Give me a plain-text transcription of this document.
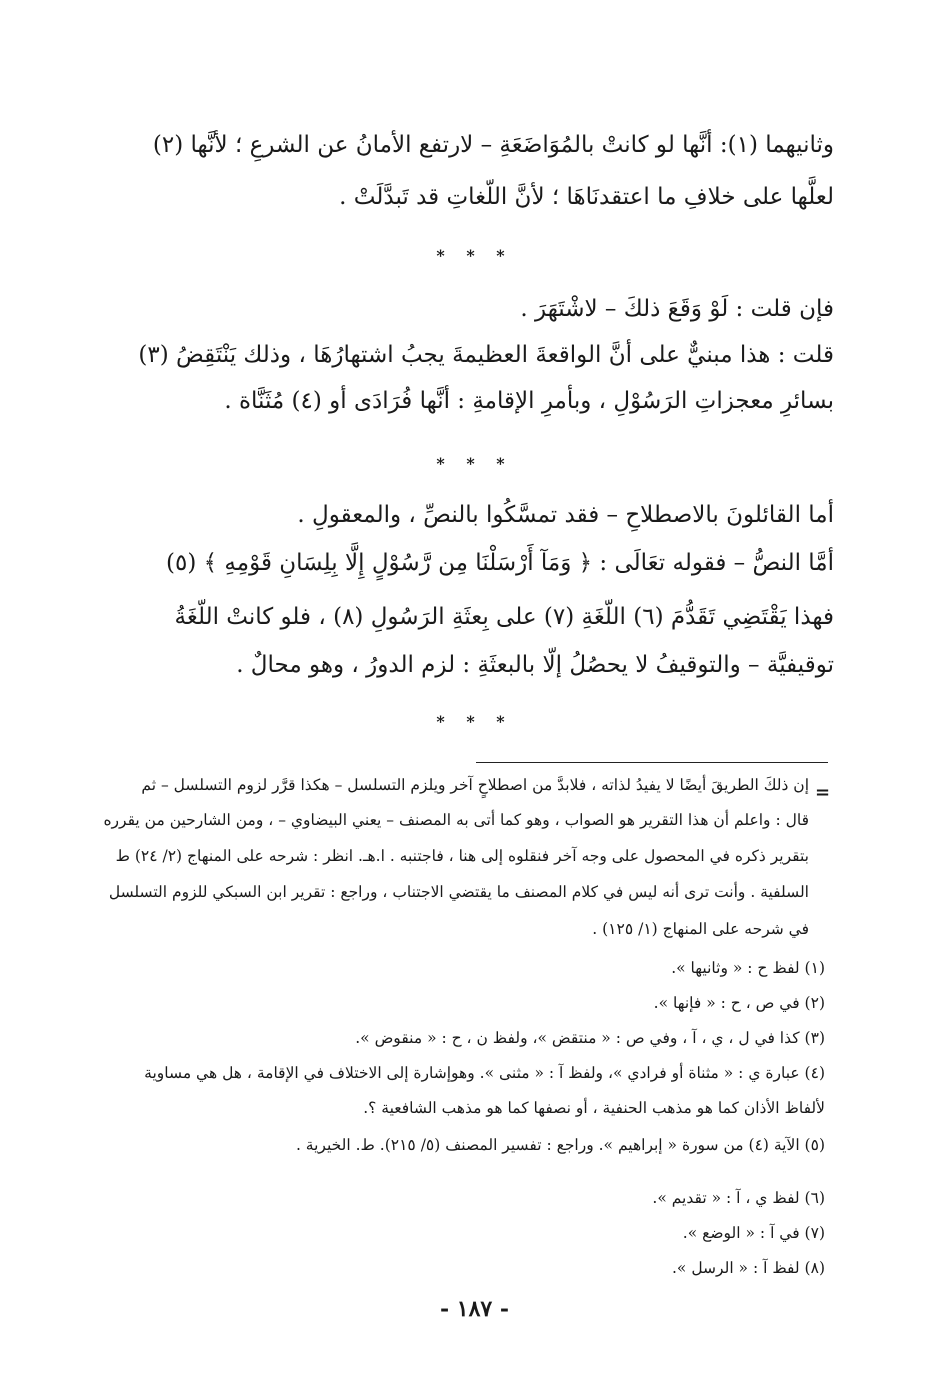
وثانيهما (١): أنَّها لو كانتْ بالمُوَاضَعَةِ – لارتفع الأمانُ عن الشرعِ ؛ لأنَّها (٢)
لعلَّها على خلافِ ما اعتقدنَاهَا ؛ لأنَّ اللّغاتِ قد تَبدَّلَتْ .
* * *
فإن قلت : لَوْ وَقَعَ ذلكَ – لاشْتَهَرَ .
قلت : هذا مبنيٌّ على أنَّ الواقعةَ العظيمةَ يجبُ اشتهارُهَا ، وذلك يَنْتَقِضُ (٣)
بسائرِ معجزاتِ الرَسُوْلِ ، وبأمرِ الإقامةِ : أنَّها فُرَادَى أو (٤) مُثَنَّاة .
* * *
أما القائلونَ بالاصطلاحِ – فقد تمسَّكُوا بالنصِّ ، والمعقولِ .
أمَّا النصُّ – فقوله تعَالَى : ﴿ وَمَآ أَرْسَلْنَا مِن رَّسُوْلٍ إِلَّا بِلِسَانِ قَوْمِهِ ﴾ (٥)
فهذا يَقْتَضِي تَقَدُّمَ (٦) اللّغَةِ (٧) على بِعثَةِ الرَسُولِ (٨) ، فلو كانتْ اللّغَةُ
توقيفيَّة – والتوقيفُ لا يحصُلُ إلّا بالبعثَةِ : لزم الدورُ ، وهو محالٌ .
* * *
=
إن ذلكَ الطريقَ أيضًا لا يفيدُ لذاته ، فلابدَّ من اصطلاحٍ آخر ويلزم التسلسل – هكذا قرَّر لزوم التسلسل – ثم
قال : واعلم أن هذا التقرير هو الصواب ، وهو كما أتى به المصنف – يعني البيضاوي – ، ومن الشارحين من يقرره
بتقرير ذكره في المحصول على وجه آخر فنقلوه إلى هنا ، فاجتنبه . ا.هـ. انظر : شرحه على المنهاج (٢/ ٢٤) ط
السلفية . وأنت ترى أنه ليس في كلام المصنف ما يقتضي الاجتناب ، وراجع : تقرير ابن السبكي للزوم التسلسل
في شرحه على المنهاج (١/ ١٢٥) .
(١) لفظ ح : « وثانيها ».
(٢) في ص ، ح : « فإنها ».
(٣) كذا في ل ، ي ، آ ، وفي ص : « منتقض »، ولفظ ن ، ح : « منقوض ».
(٤) عبارة ي : « مثناة أو فرادي »، ولفظ آ : « مثنى ». وهوإشارة إلى الاختلاف في الإقامة ، هل هي مساوية
لألفاظ الأذان كما هو مذهب الحنفية ، أو نصفها كما هو مذهب الشافعية ؟.
(٥) الآية (٤) من سورة « إبراهيم ». وراجع : تفسير المصنف (٥/ ٢١٥). ط. الخيرية .
(٦) لفظ ي ، آ : « تقديم ».
(٧) في آ : « الوضع ».
(٨) لفظ آ : « الرسل ».
- ١٨٧ -
